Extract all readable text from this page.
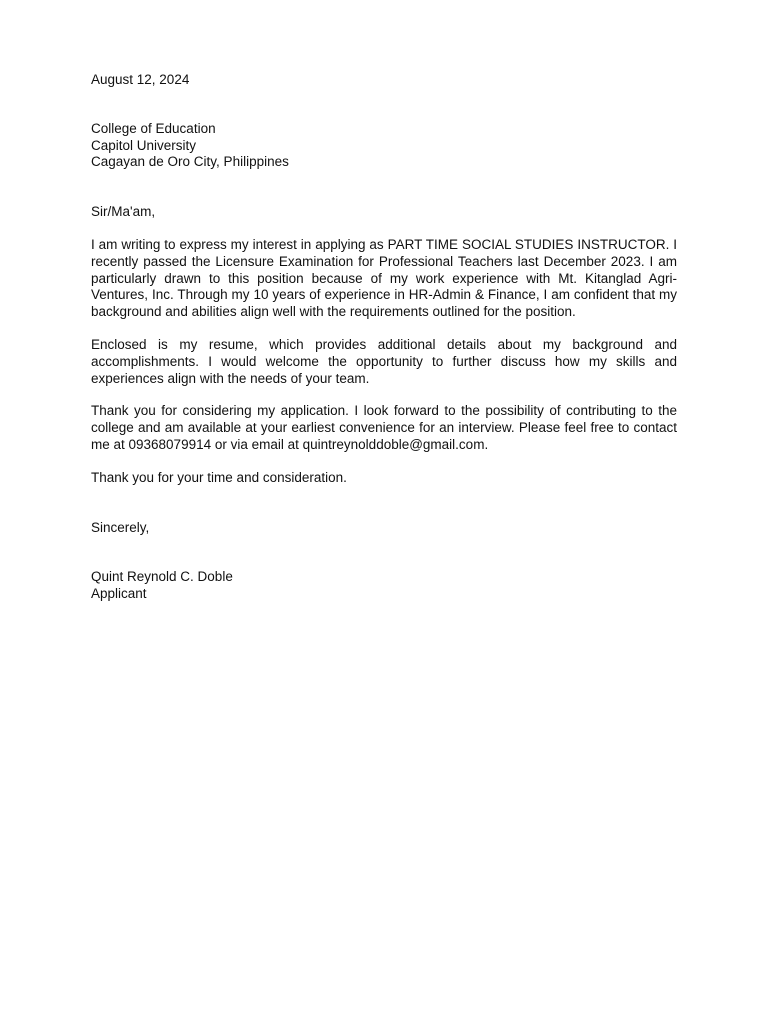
August 12, 2024
College of Education
Capitol University
Cagayan de Oro City, Philippines
Sir/Ma'am,

I am writing to express my interest in applying as PART TIME SOCIAL STUDIES INSTRUCTOR. I recently passed the Licensure Examination for Professional Teachers last December 2023. I am particularly drawn to this position because of my work experience with Mt. Kitanglad Agri-Ventures, Inc. Through my 10 years of experience in HR-Admin & Finance, I am confident that my background and abilities align well with the requirements outlined for the position.

Enclosed is my resume, which provides additional details about my background and accomplishments. I would welcome the opportunity to further discuss how my skills and experiences align with the needs of your team.

Thank you for considering my application. I look forward to the possibility of contributing to the college and am available at your earliest convenience for an interview. Please feel free to contact me at 09368079914 or via email at quintreynolddoble@gmail.com.

Thank you for your time and consideration.
Sincerely,
Quint Reynold C. Doble
Applicant
